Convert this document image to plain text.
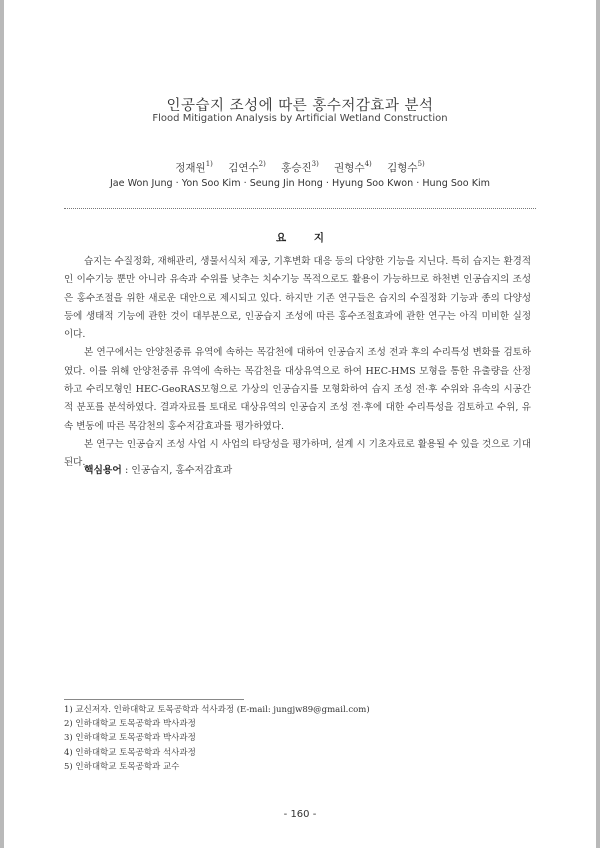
인공습지 조성에 따른 홍수저감효과 분석
Flood Mitigation Analysis by Artificial Wetland Construction
정재원$^{1)}$ 김연수$^{2)}$ 홍승진$^{3)}$ 권형수$^{4)}$ 김형수$^{5)}$
Jae Won Jung · Yon Soo Kim · Seung Jin Hong · Hyung Soo Kwon · Hung Soo Kim
요 지

습지는 수질정화, 재해관리, 생물서식처 제공, 기후변화 대응 등의 다양한 기능을 지닌다. 특히 습지는 환경적인 이수기능 뿐만 아니라 유속과 수위를 낮추는 치수기능 목적으로도 활용이 가능하므로 하천변 인공습지의 조성은 홍수조절을 위한 새로운 대안으로 제시되고 있다. 하지만 기존 연구들은 습지의 수질정화 기능과 종의 다양성 등에 생태적 기능에 관한 것이 대부분으로, 인공습지 조성에 따른 홍수조절효과에 관한 연구는 아직 미비한 실정이다.

본 연구에서는 안양천중류 유역에 속하는 목감천에 대하여 인공습지 조성 전과 후의 수리특성 변화를 검토하였다. 이를 위해 안양천중류 유역에 속하는 목감천을 대상유역으로 하여 HEC-HMS 모형을 통한 유출량을 산정하고 수리모형인 HEC-GeoRAS모형으로 가상의 인공습지를 모형화하여 습지 조성 전·후 수위와 유속의 시공간적 분포를 분석하였다. 결과자료를 토대로 대상유역의 인공습지 조성 전·후에 대한 수리특성을 검토하고 수위, 유속 변동에 따른 목감천의 홍수저감효과를 평가하였다.

본 연구는 인공습지 조성 사업 시 사업의 타당성을 평가하며, 설계 시 기초자료로 활용될 수 있을 것으로 기대된다.

핵심용어 : 인공습지, 홍수저감효과
1) 교신저자. 인하대학교 토목공학과 석사과정 (E-mail: jungjw89@gmail.com)
2) 인하대학교 토목공학과 박사과정
3) 인하대학교 토목공학과 박사과정
4) 인하대학교 토목공학과 석사과정
5) 인하대학교 토목공학과 교수
- 160 -
